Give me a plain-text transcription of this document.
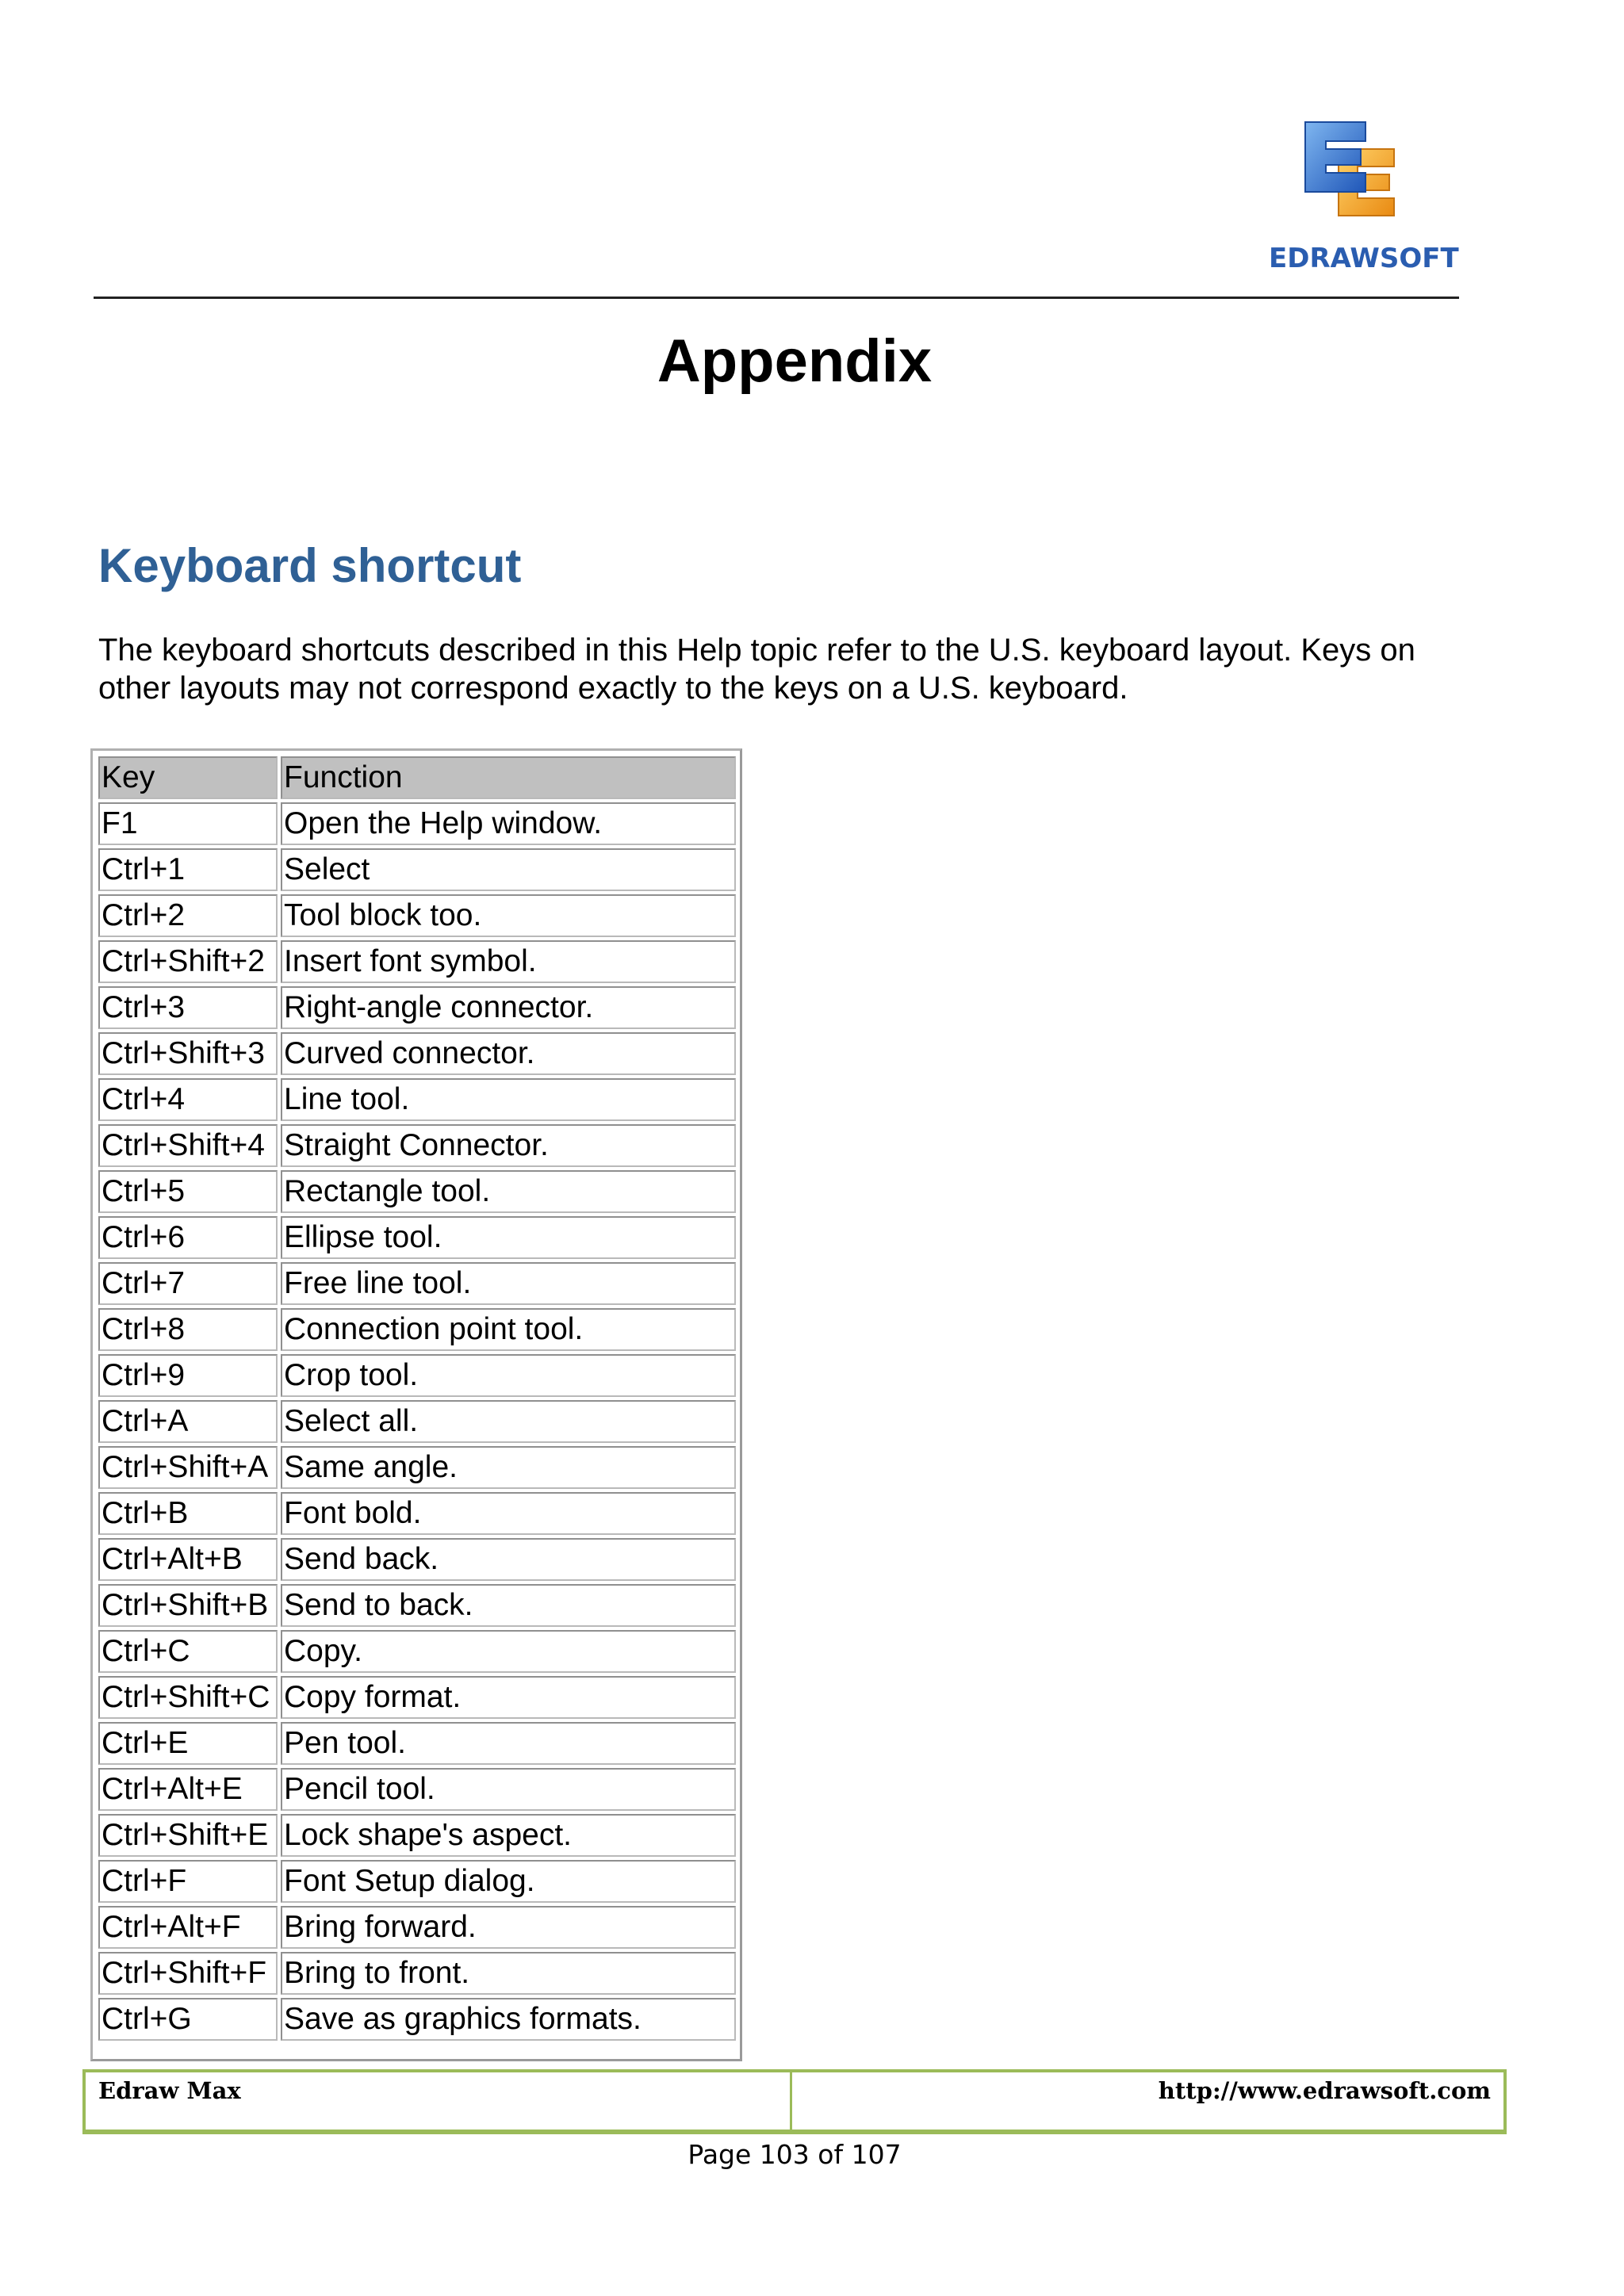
EDRAWSOFT
Appendix
Keyboard shortcut
The keyboard shortcuts described in this Help topic refer to the U.S. keyboard layout. Keys on other layouts may not correspond exactly to the keys on a U.S. keyboard.
Key	Function
F1	Open the Help window.
Ctrl+1	Select
Ctrl+2	Tool block too.
Ctrl+Shift+2	Insert font symbol.
Ctrl+3	Right-angle connector.
Ctrl+Shift+3	Curved connector.
Ctrl+4	Line tool.
Ctrl+Shift+4	Straight Connector.
Ctrl+5	Rectangle tool.
Ctrl+6	Ellipse tool.
Ctrl+7	Free line tool.
Ctrl+8	Connection point tool.
Ctrl+9	Crop tool.
Ctrl+A	Select all.
Ctrl+Shift+A	Same angle.
Ctrl+B	Font bold.
Ctrl+Alt+B	Send back.
Ctrl+Shift+B	Send to back.
Ctrl+C	Copy.
Ctrl+Shift+C	Copy format.
Ctrl+E	Pen tool.
Ctrl+Alt+E	Pencil tool.
Ctrl+Shift+E	Lock shape's aspect.
Ctrl+F	Font Setup dialog.
Ctrl+Alt+F	Bring forward.
Ctrl+Shift+F	Bring to front.
Ctrl+G	Save as graphics formats.
Edraw Max	http://www.edrawsoft.com
Page 103 of 107
